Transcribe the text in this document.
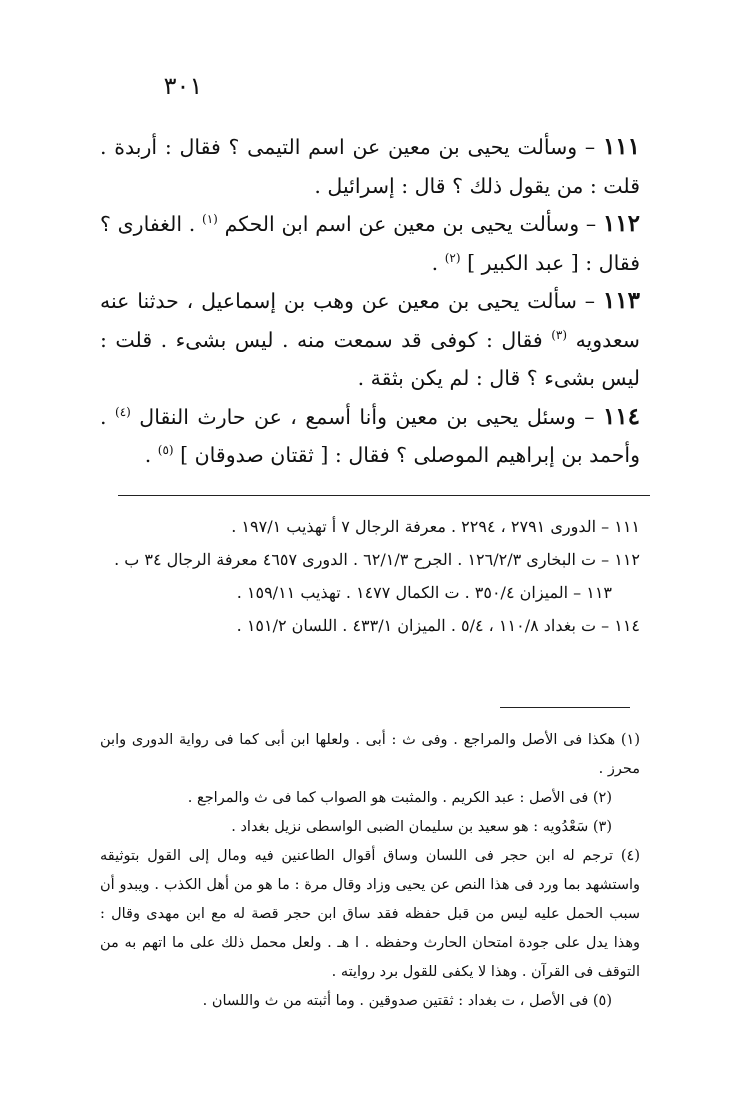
٣٠١

١١١ – وسألت يحيى بن معين عن اسم التيمى ؟ فقال : أربدة . قلت : من يقول ذلك ؟ قال : إسرائيل .

١١٢ – وسألت يحيى بن معين عن اسم ابن الحكم $^{(١)}$ . الغفارى ؟ فقال : [ عبد الكبير ] $^{(٢)}$ .

١١٣ – سألت يحيى بن معين عن وهب بن إسماعيل ، حدثنا عنه سعدويه $^{(٣)}$ فقال : كوفى قد سمعت منه . ليس بشىء . قلت : ليس بشىء ؟ قال : لم يكن بثقة .

١١٤ – وسئل يحيى بن معين وأنا أسمع ، عن حارث النقال $^{(٤)}$ . وأحمد بن إبراهيم الموصلى ؟ فقال : [ ثقتان صدوقان ] $^{(٥)}$ .

١١١ – الدورى ٢٧٩١ ، ٢٢٩٤ . معرفة الرجال ٧ أ تهذيب ١٩٧/١ .

١١٢ – ت البخارى ١٢٦/٢/٣ . الجرح ٦٢/١/٣ . الدورى ٤٦٥٧ معرفة الرجال ٣٤ ب .

١١٣ – الميزان ٣٥٠/٤ . ت الكمال ١٤٧٧ . تهذيب ١٥٩/١١ .

١١٤ – ت بغداد ١١٠/٨ ، ٥/٤ . الميزان ٤٣٣/١ . اللسان ١٥١/٢ .

(١) هكذا فى الأصل والمراجع . وفى ث : أبى . ولعلها ابن أبى كما فى رواية الدورى وابن محرز .

(٢) فى الأصل : عبد الكريم . والمثبت هو الصواب كما فى ث والمراجع .

(٣) سَعْدُويه : هو سعيد بن سليمان الضبى الواسطى نزيل بغداد .

(٤) ترجم له ابن حجر فى اللسان وساق أقوال الطاعنين فيه ومال إلى القول بتوثيقه واستشهد بما ورد فى هذا النص عن يحيى وزاد وقال مرة : ما هو من أهل الكذب . ويبدو أن سبب الحمل عليه ليس من قبل حفظه فقد ساق ابن حجر قصة له مع ابن مهدى وقال : وهذا يدل على جودة امتحان الحارث وحفظه . ا هـ . ولعل محمل ذلك على ما اتهم به من التوقف فى القرآن . وهذا لا يكفى للقول برد روايته .

(٥) فى الأصل ، ت بغداد : ثقتين صدوقين . وما أثبته من ث واللسان .
